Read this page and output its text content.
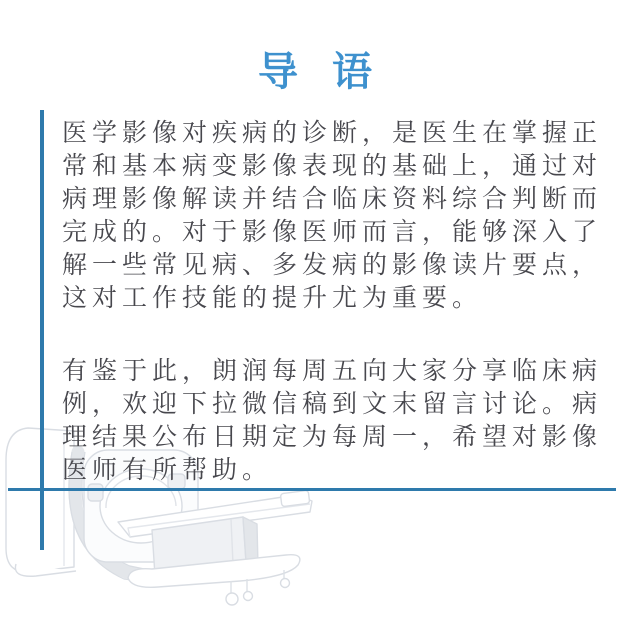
导 语
医学影像对疾病的诊断，是医生在掌握正
常和基本病变影像表现的基础上，通过对
病理影像解读并结合临床资料综合判断而
完成的。对于影像医师而言，能够深入了
解一些常见病、多发病的影像读片要点，
这对工作技能的提升尤为重要。
有鉴于此，朗润每周五向大家分享临床病
例，欢迎下拉微信稿到文末留言讨论。病
理结果公布日期定为每周一，希望对影像
医师有所帮助。
